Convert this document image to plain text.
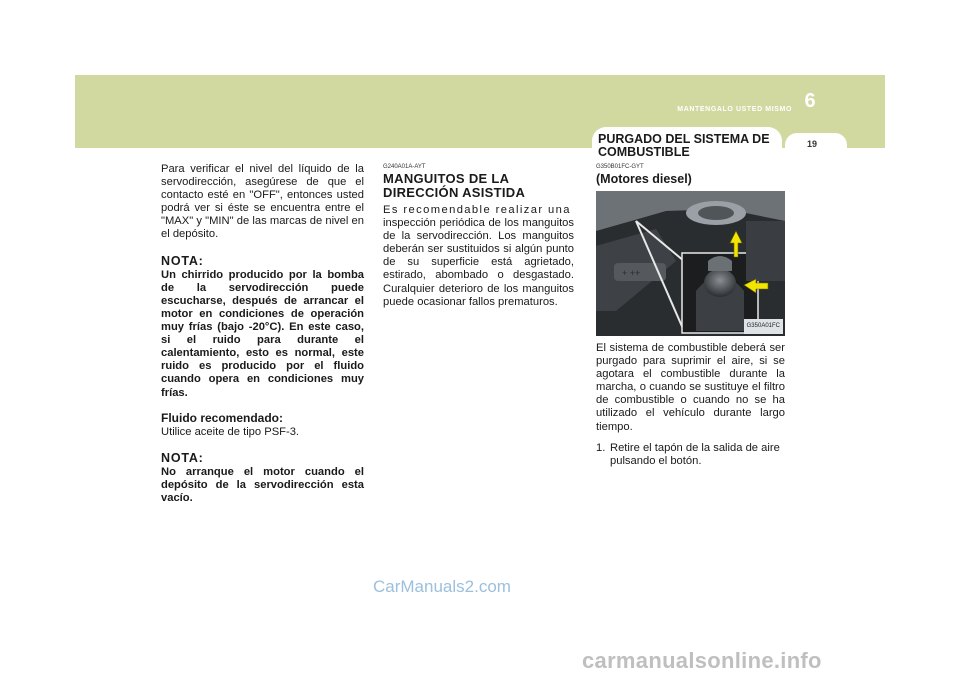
MANTENGALO USTED MISMO 6
19
PURGADO DEL SISTEMA DE COMBUSTIBLE

Para verificar el nivel del líquido de la servodirección, asegúrese de que el contacto esté en "OFF", entonces usted podrá ver si éste se encuentra entre el "MAX" y "MIN" de las marcas de nivel en el depósito.

NOTA:

Un chirrido producido por la bomba de la servodirección puede escucharse, después de arrancar el motor en condiciones de operación muy frías (bajo -20°C). En este caso, si el ruido para durante el calentamiento, esto es normal, este ruido es producido por el fluido cuando opera en condiciones muy frías.

Fluido recomendado:

Utilice aceite de tipo PSF-3.

NOTA:

No arranque el motor cuando el depósito de la servodirección esta vacío.

G240A01A-AYT

MANGUITOS DE LA DIRECCIÓN ASISTIDA

Es recomendable realizar una

inspección periódica de los manguitos de la servodirección. Los manguitos deberán ser sustituidos si algún punto de su superficie está agrietado, estirado, abombado o desgastado. Curalquier deterioro de los manguitos puede ocasionar fallos prematuros.

G350B01FC-GYT

(Motores diesel)
+ ++
G350A01FC

El sistema de combustible deberá ser purgado para suprimir el aire, si se agotara el combustible durante la marcha, o cuando se sustituye el filtro de combustible o cuando no se ha utilizado el vehículo durante largo tiempo.

1. Retire el tapón de la salida de aire pulsando el botón.
CarManuals2.com
carmanualsonline.info
